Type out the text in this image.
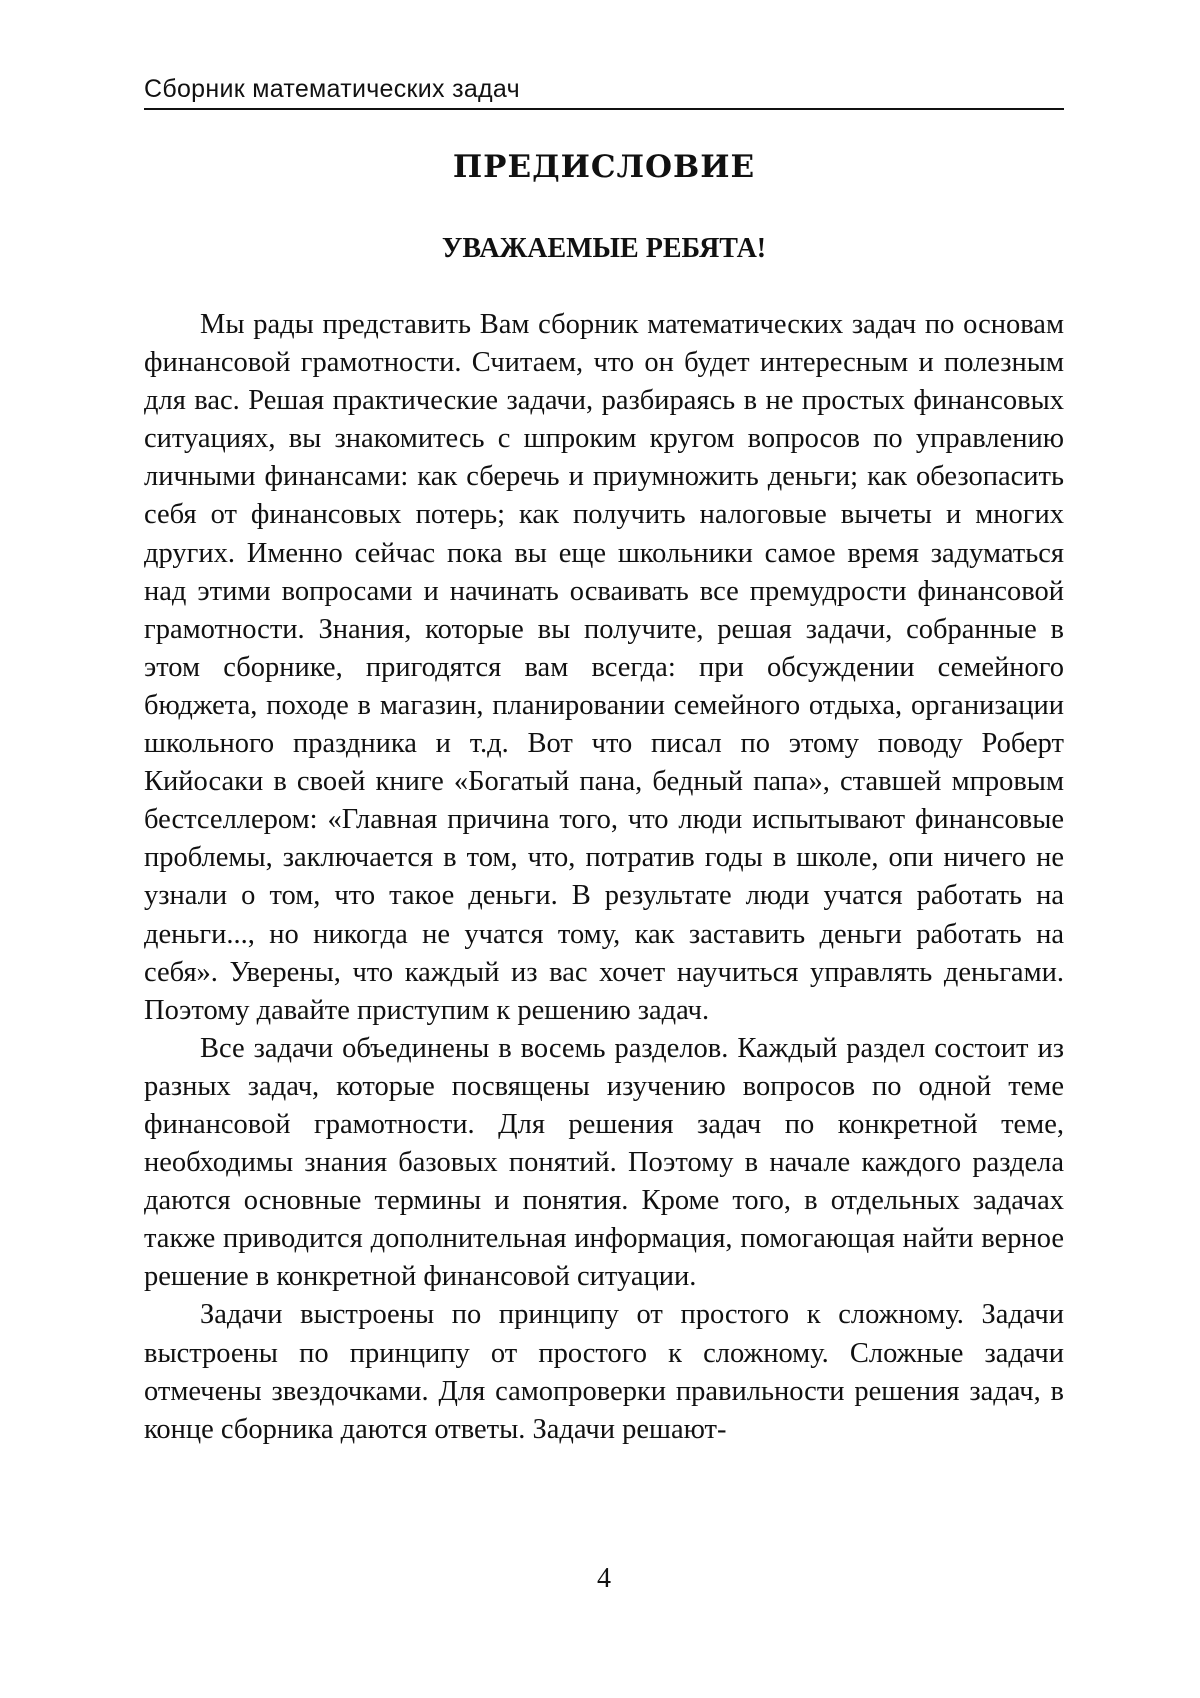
Сборник математических задач
ПРЕДИСЛОВИЕ
УВАЖАЕМЫЕ РЕБЯТА!

Мы рады представить Вам сборник математических задач по основам финансовой грамотности. Считаем, что он будет интерес­ным и полезным для вас. Решая практические задачи, разбираясь в не простых финансовых ситуациях, вы знакомитесь с шпроким кругом вопросов по управлению личными финансами: как сберечь и приумножить деньги; как обезопасить себя от финансовых по­терь; как получить налоговые вычеты и многих других. Именно сейчас пока вы еще школьники самое время задуматься над этими вопросами и начинать осваивать все премудрости финансовой гра­мотности. Знания, которые вы получите, решая задачи, собранные в этом сборнике, пригодятся вам всегда: при обсуждении семейно­го бюджета, походе в магазин, планировании семейного отдыха, организации школьного праздника и т.д. Вот что писал по этому поводу Роберт Кийосаки в своей книге «Богатый пана, бедный па­па», ставшей мпровым бестселлером: «Главная причина того, что люди испытывают финансовые проблемы, заключается в том, что, потратив годы в школе, опи ничего не узнали о том, что такое деньги. В результате люди учатся работать на деньги..., но никогда не учатся тому, как заставить деньги работать на себя». Уверены, что каждый из вас хочет научиться управлять деньгами. Поэтому давайте приступим к решению задач.

Все задачи объединены в восемь разделов. Каждый раздел состоит из разных задач, которые посвящены изучению вопросов по одной теме финансовой грамотности. Для решения задач по конкретной теме, необходимы знания базовых понятий. Поэтому в начале каждого раздела даются основные термины и понятия. Кроме того, в отдельных задачах также приводится дополнитель­ная информация, помогающая найти верное решение в конкрет­ной финансовой ситуации.

Задачи выстроены по принципу от простого к сложному. За­дачи выстроены по принципу от простого к сложному. Сложные задачи отмечены звездочками. Для самопроверки правильности решения задач, в конце сборника даются ответы. Задачи решают-

4
